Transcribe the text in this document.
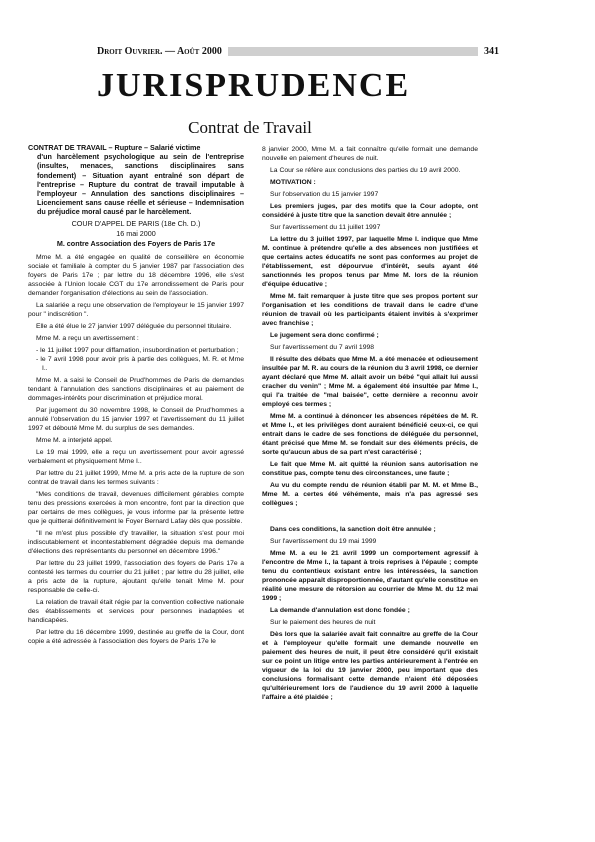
Droit Ouvrier. — Août 2000	341
JURISPRUDENCE
Contrat de Travail
CONTRAT DE TRAVAIL – Rupture – Salarié victime
d'un harcèlement psychologique au sein de l'entreprise (insultes, menaces, sanctions disciplinaires sans fondement) – Situation ayant entraîné son départ de l'entreprise – Rupture du contrat de travail imputable à l'employeur – Annulation des sanctions disciplinaires – Licenciement sans cause réelle et sérieuse – Indemnisation du préjudice moral causé par le harcèlement.
COUR D'APPEL DE PARIS (18e Ch. D.)
16 mai 2000
M. contre Association des Foyers de Paris 17e

Mme M. a été engagée en qualité de conseillère en économie sociale et familiale à compter du 5 janvier 1987 par l'association des foyers de Paris 17e ; par lettre du 18 décembre 1996, elle s'est associée à l'Union locale CGT du 17e arrondissement de Paris pour demander l'organisation d'élections au sein de l'association.

La salariée a reçu une observation de l'employeur le 15 janvier 1997 pour " indiscrétion ".

Elle a été élue le 27 janvier 1997 déléguée du personnel titulaire.

Mme M. a reçu un avertissement :

- le 11 juillet 1997 pour diffamation, insubordination et perturbation ;
- le 7 avril 1998 pour avoir pris à partie des collègues, M. R. et Mme I..

Mme M. a saisi le Conseil de Prud'hommes de Paris de demandes tendant à l'annulation des sanctions disciplinaires et au paiement de dommages-intérêts pour discrimination et préjudice moral.

Par jugement du 30 novembre 1998, le Conseil de Prud'hommes a annulé l'observation du 15 janvier 1997 et l'avertissement du 11 juillet 1997 et débouté Mme M. du surplus de ses demandes.

Mme M. a interjeté appel.

Le 19 mai 1999, elle a reçu un avertissement pour avoir agressé verbalement et physiquement Mme I..

Par lettre du 21 juillet 1999, Mme M. a pris acte de la rupture de son contrat de travail dans les termes suivants :

"Mes conditions de travail, devenues difficilement gérables compte tenu des pressions exercées à mon encontre, font par la direction que par certains de mes collègues, je vous informe par la présente lettre que je quitterai définitivement le Foyer Bernard Lafay dès que possible.

"Il ne m'est plus possible d'y travailler, la situation s'est pour moi indiscutablement et incontestablement dégradée depuis ma demande d'élections des représentants du personnel en décembre 1996."

Par lettre du 23 juillet 1999, l'association des foyers de Paris 17e a contesté les termes du courrier du 21 juillet ; par lettre du 28 juillet, elle a pris acte de la rupture, ajoutant qu'elle tenait Mme M. pour responsable de celle-ci.

La relation de travail était régie par la convention collective nationale des établissements et services pour personnes inadaptées et handicapées.

Par lettre du 16 décembre 1999, destinée au greffe de la Cour, dont copie a été adressée à l'association des foyers de Paris 17e le

8 janvier 2000, Mme M. a fait connaître qu'elle formait une demande nouvelle en paiement d'heures de nuit.

La Cour se réfère aux conclusions des parties du 19 avril 2000.

MOTIVATION :

Sur l'observation du 15 janvier 1997

Les premiers juges, par des motifs que la Cour adopte, ont considéré à juste titre que la sanction devait être annulée ;

Sur l'avertissement du 11 juillet 1997

La lettre du 3 juillet 1997, par laquelle Mme I. indique que Mme M. continue à prétendre qu'elle a des absences non justifiées et que certains actes éducatifs ne sont pas conformes au projet de l'établissement, est dépourvue d'intérêt, seuls ayant été sanctionnés les propos tenus par Mme M. lors de la réunion d'équipe éducative ;

Mme M. fait remarquer à juste titre que ses propos portent sur l'organisation et les conditions de travail dans le cadre d'une réunion de travail où les participants étaient invités à s'exprimer avec franchise ;

Le jugement sera donc confirmé ;

Sur l'avertissement du 7 avril 1998

Il résulte des débats que Mme M. a été menacée et odieusement insultée par M. R. au cours de la réunion du 3 avril 1998, ce dernier ayant déclaré que Mme M. allait avoir un bébé "qui allait lui aussi cracher du venin" ; Mme M. a également été insultée par Mme I., qui l'a traitée de "mal baisée", cette dernière a reconnu avoir employé ces termes ;

Mme M. a continué à dénoncer les absences répétées de M. R. et Mme I., et les privilèges dont auraient bénéficié ceux-ci, ce qui entrait dans le cadre de ses fonctions de déléguée du personnel, étant précisé que Mme M. se fondait sur des éléments précis, de sorte qu'aucun abus de sa part n'est caractérisé ;

Le fait que Mme M. ait quitté la réunion sans autorisation ne constitue pas, compte tenu des circonstances, une faute ;

Au vu du compte rendu de réunion établi par M. M. et Mme B., Mme M. a certes été véhémente, mais n'a pas agressé ses collègues ;

Dans ces conditions, la sanction doit être annulée ;

Sur l'avertissement du 19 mai 1999

Mme M. a eu le 21 avril 1999 un comportement agressif à l'encontre de Mme I., la tapant à trois reprises à l'épaule ; compte tenu du contentieux existant entre les intéressées, la sanction prononcée apparaît disproportionnée, d'autant qu'elle constitue en réalité une mesure de rétorsion au courrier de Mme M. du 12 mai 1999 ;

La demande d'annulation est donc fondée ;

Sur le paiement des heures de nuit

Dès lors que la salariée avait fait connaître au greffe de la Cour et à l'employeur qu'elle formait une demande nouvelle en paiement des heures de nuit, il peut être considéré qu'il existait sur ce point un litige entre les parties antérieurement à l'entrée en vigueur de la loi du 19 janvier 2000, peu important que des conclusions formalisant cette demande n'aient été déposées qu'ultérieurement lors de l'audience du 19 avril 2000 à laquelle l'affaire a été plaidée ;
